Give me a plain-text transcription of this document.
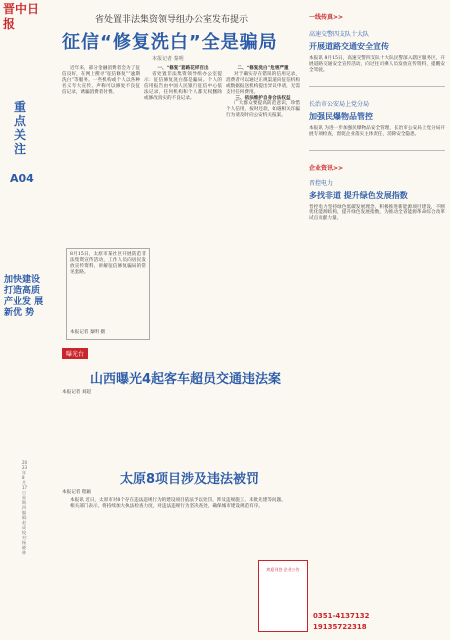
晋中日报	省处置非法集资领导组办公室发布提示
征信“修复洗白”全是骗局
本报记者 秦明
重点关注
A04
加快建设 打造高质 产业发 展新优 势
2023年8月17日 星期四 编辑：赵成 校对：杨晓林

近年来，部分金融消费者会为了征信良好，在网上搜寻“征信修复”“逾期洗白”等服务。一些机构或个人以各种名义夸大宣传，声称可以修复不良征信记录，诱骗消费者付费。

一、“修复”套路花样百出

省处置非法集资领导组办公室提示：征信修复洗白都是骗局。个人的信用报告由中国人民银行征信中心依法记录，任何机构和个人都无权删除或修改真实的不良记录。

二、“修复洗白”危害严重

对于确实存在错误的信用记录，消费者可以通过正规渠道向征信机构或数据报送机构提出异议申请，无需支付任何费用。

三、依法维护自身合法权益

广大群众要提高防范意识，珍惜个人信用，按时还款，如遇相关诈骗行为请及时向公安机关报案。

8月15日，太原市某社区开展防范非法集资宣传活动，工作人员向居民发放宣传资料，讲解征信修复骗局的常见套路。
本报记者 秦明 摄
曝光台
山西曝光4起客车超员交通违法案
本报记者 刘超
太原8项目涉及违法被罚
本报记者 程颖

本报讯 近日，太原市对8个存在违法违规行为的建设项目依法予以处罚，涉及违规施工、未批先建等问题。

相关部门表示，将持续加大执法检查力度，对违法违规行为坚决查处，确保城市建设规范有序。

欢迎刊登 企业公告
0351-4137132
19135722318
一线传真>>
高速交警四支队十大队
开展道路交通安全宣传
本报讯 8月15日，高速交警四支队十大队民警深入辖区服务区，开展道路交通安全宣传活动，向过往司乘人员发放宣传资料，提醒安全驾驶。
长治市公安局上党分局
加强民爆物品管控
本报讯 为进一步加强民爆物品安全管理，长治市公安局上党分局开展专项检查，督促企业落实主体责任，消除安全隐患。
企业资讯>>
晋控电力
多找非道 提升绿色发展指数
晋控电力坚持绿色低碳发展理念，积极推进新能源项目建设，不断优化能源结构，提升绿色发展指数，为推动全省能源革命综合改革试点贡献力量。
